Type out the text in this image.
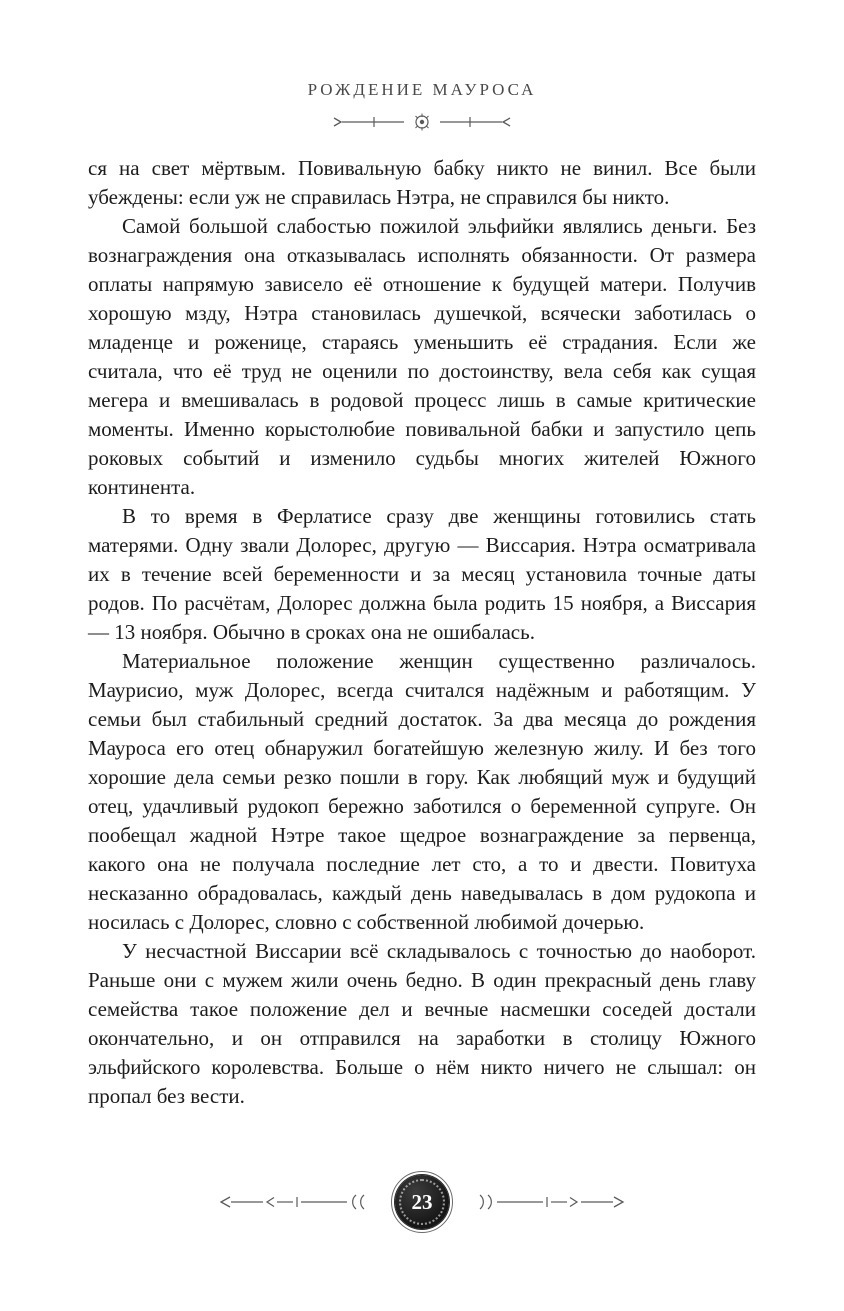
РОЖДЕНИЕ МАУРОСА

ся на свет мёртвым. Повивальную бабку никто не винил. Все были убеждены: если уж не справилась Нэтра, не справился бы никто.

Самой большой слабостью пожилой эльфийки являлись деньги. Без вознаграждения она отказывалась исполнять обязанности. От размера оплаты напрямую зависело её отношение к будущей матери. Получив хорошую мзду, Нэтра становилась душечкой, всячески заботилась о младенце и роженице, стараясь уменьшить её страдания. Если же считала, что её труд не оценили по достоинству, вела себя как сущая мегера и вмешивалась в родовой процесс лишь в самые критические моменты. Именно корыстолюбие повивальной бабки и запустило цепь роковых событий и изменило судьбы многих жителей Южного континента.

В то время в Ферлатисе сразу две женщины готовились стать матерями. Одну звали Долорес, другую — Виссария. Нэтра осматривала их в течение всей беременности и за месяц установила точные даты родов. По расчётам, Долорес должна была родить 15 ноября, а Виссария — 13 ноября. Обычно в сроках она не ошибалась.

Материальное положение женщин существенно различалось. Маурисио, муж Долорес, всегда считался надёжным и работящим. У семьи был стабильный средний достаток. За два месяца до рождения Мауроса его отец обнаружил богатейшую железную жилу. И без того хорошие дела семьи резко пошли в гору. Как любящий муж и будущий отец, удачливый рудокоп бережно заботился о беременной супруге. Он пообещал жадной Нэтре такое щедрое вознаграждение за первенца, какого она не получала последние лет сто, а то и двести. Повитуха несказанно обрадовалась, каждый день наведывалась в дом рудокопа и носилась с Долорес, словно с собственной любимой дочерью.

У несчастной Виссарии всё складывалось с точностью до наоборот. Раньше они с мужем жили очень бедно. В один прекрасный день главу семейства такое положение дел и вечные насмешки соседей достали окончательно, и он отправился на заработки в столицу Южного эльфийского королевства. Больше о нём никто ничего не слышал: он пропал без вести.

23
